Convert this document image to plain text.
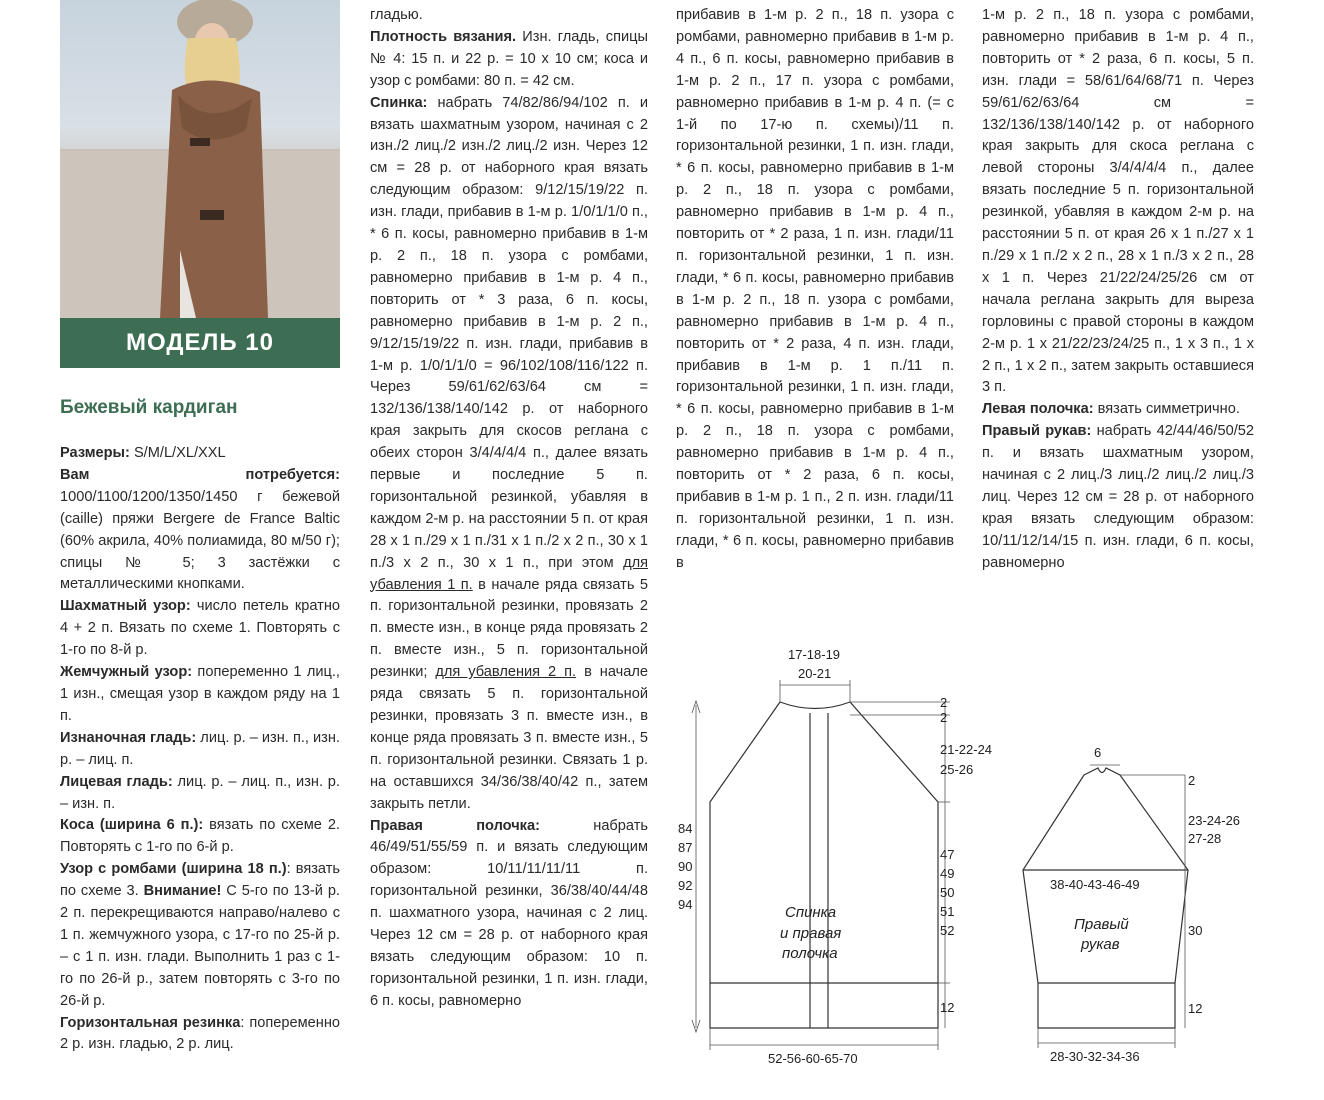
МОДЕЛЬ 10
Бежевый кардиган

Размеры: S/M/L/XL/XXL

Вам потребуется: 1000/1100/1200/1350/1450 г бежевой (caille) пряжи Bergere de France Baltic (60% акрила, 40% полиамида, 80 м/50 г); спицы № 5; 3 застёжки с металлическими кнопками.

Шахматный узор: число петель кратно 4 + 2 п. Вязать по схеме 1. Повторять с 1-го по 8-й р.

Жемчужный узор: попеременно 1 лиц., 1 изн., смещая узор в каждом ряду на 1 п.

Изнаночная гладь: лиц. р. – изн. п., изн. р. – лиц. п.

Лицевая гладь: лиц. р. – лиц. п., изн. р. – изн. п.

Коса (ширина 6 п.): вязать по схеме 2. Повторять с 1-го по 6-й р.

Узор с ромбами (ширина 18 п.): вязать по схеме 3. Внимание! С 5-го по 13-й р. 2 п. перекрещиваются направо/налево с 1 п. жемчужного узора, с 17-го по 25-й р. – с 1 п. изн. глади. Выполнить 1 раз с 1-го по 26-й р., затем повторять с 3-го по 26-й р.

Горизонтальная резинка: попеременно 2 р. изн. гладью, 2 р. лиц.

гладью.

Плотность вязания. Изн. гладь, спицы № 4: 15 п. и 22 р. = 10 х 10 см; коса и узор с ромбами: 80 п. = 42 см.

Спинка: набрать 74/82/86/94/102 п. и вязать шахматным узором, начиная с 2 изн./2 лиц./2 изн./2 лиц./2 изн. Через 12 см = 28 р. от наборного края вязать следующим образом: 9/12/15/19/22 п. изн. глади, прибавив в 1-м р. 1/0/1/1/0 п., * 6 п. косы, равномерно прибавив в 1-м р. 2 п., 18 п. узора с ромбами, равномерно прибавив в 1-м р. 4 п., повторить от * 3 раза, 6 п. косы, равномерно прибавив в 1-м р. 2 п., 9/12/15/19/22 п. изн. глади, прибавив в 1-м р. 1/0/1/1/0 = 96/102/108/116/122 п. Через 59/61/62/63/64 см = 132/136/138/140/142 р. от наборного края закрыть для скосов реглана с обеих сторон 3/4/4/4/4 п., далее вязать первые и последние 5 п. горизонтальной резинкой, убавляя в каждом 2-м р. на расстоянии 5 п. от края 28 х 1 п./29 х 1 п./31 х 1 п./2 х 2 п., 30 х 1 п./3 х 2 п., 30 х 1 п., при этом для убавления 1 п. в начале ряда связать 5 п. горизонтальной резинки, провязать 2 п. вместе изн., в конце ряда провязать 2 п. вместе изн., 5 п. горизонтальной резинки; для убавления 2 п. в начале ряда связать 5 п. горизонтальной резинки, провязать 3 п. вместе изн., в конце ряда провязать 3 п. вместе изн., 5 п. горизонтальной резинки. Связать 1 р. на оставшихся 34/36/38/40/42 п., затем закрыть петли.

Правая полочка: набрать 46/49/51/55/59 п. и вязать следующим образом: 10/11/11/11/11 п. горизонтальной резинки, 36/38/40/44/48 п. шахматного узора, начиная с 2 лиц. Через 12 см = 28 р. от наборного края вязать следующим образом: 10 п. горизонтальной резинки, 1 п. изн. глади, 6 п. косы, равномерно

прибавив в 1-м р. 2 п., 18 п. узора с ромбами, равномерно прибавив в 1-м р. 4 п., 6 п. косы, равномерно прибавив в 1-м р. 2 п., 17 п. узора с ромбами, равномерно прибавив в 1-м р. 4 п. (= с 1-й по 17-ю п. схемы)/11 п. горизонтальной резинки, 1 п. изн. глади, * 6 п. косы, равномерно прибавив в 1-м р. 2 п., 18 п. узора с ромбами, равномерно прибавив в 1-м р. 4 п., повторить от * 2 раза, 1 п. изн. глади/11 п. горизонтальной резинки, 1 п. изн. глади, * 6 п. косы, равномерно прибавив в 1-м р. 2 п., 18 п. узора с ромбами, равномерно прибавив в 1-м р. 4 п., повторить от * 2 раза, 4 п. изн. глади, прибавив в 1-м р. 1 п./11 п. горизонтальной резинки, 1 п. изн. глади, * 6 п. косы, равномерно прибавив в 1-м р. 2 п., 18 п. узора с ромбами, равномерно прибавив в 1-м р. 4 п., повторить от * 2 раза, 6 п. косы, прибавив в 1-м р. 1 п., 2 п. изн. глади/11 п. горизонтальной резинки, 1 п. изн. глади, * 6 п. косы, равномерно прибавив в

1-м р. 2 п., 18 п. узора с ромбами, равномерно прибавив в 1-м р. 4 п., повторить от * 2 раза, 6 п. косы, 5 п. изн. глади = 58/61/64/68/71 п. Через 59/61/62/63/64 см = 132/136/138/140/142 р. от наборного края закрыть для скоса реглана с левой стороны 3/4/4/4/4 п., далее вязать последние 5 п. горизонтальной резинкой, убавляя в каждом 2-м р. на расстоянии 5 п. от края 26 х 1 п./27 х 1 п./29 х 1 п./2 х 2 п., 28 х 1 п./3 х 2 п., 28 х 1 п. Через 21/22/24/25/26 см от начала реглана закрыть для выреза горловины с правой стороны в каждом 2-м р. 1 х 21/22/23/24/25 п., 1 х 3 п., 1 х 2 п., 1 х 2 п., затем закрыть оставшиеся 3 п.

Левая полочка: вязать симметрично.

Правый рукав: набрать 42/44/46/50/52 п. и вязать шахматным узором, начиная с 2 лиц./3 лиц./2 лиц./2 лиц./3 лиц. Через 12 см = 28 р. от наборного края вязать следующим образом: 10/11/12/14/15 п. изн. глади, 6 п. косы, равномерно

17-18-19
20-21
2
2
21-22-24
25-26
47
49
50
51
52
12
84
87
90
92
94
52-56-60-65-70
Спинка
и правая
полочка
6
2
23-24-26
27-28
38-40-43-46-49
30
12
28-30-32-34-36
Правый
рукав
